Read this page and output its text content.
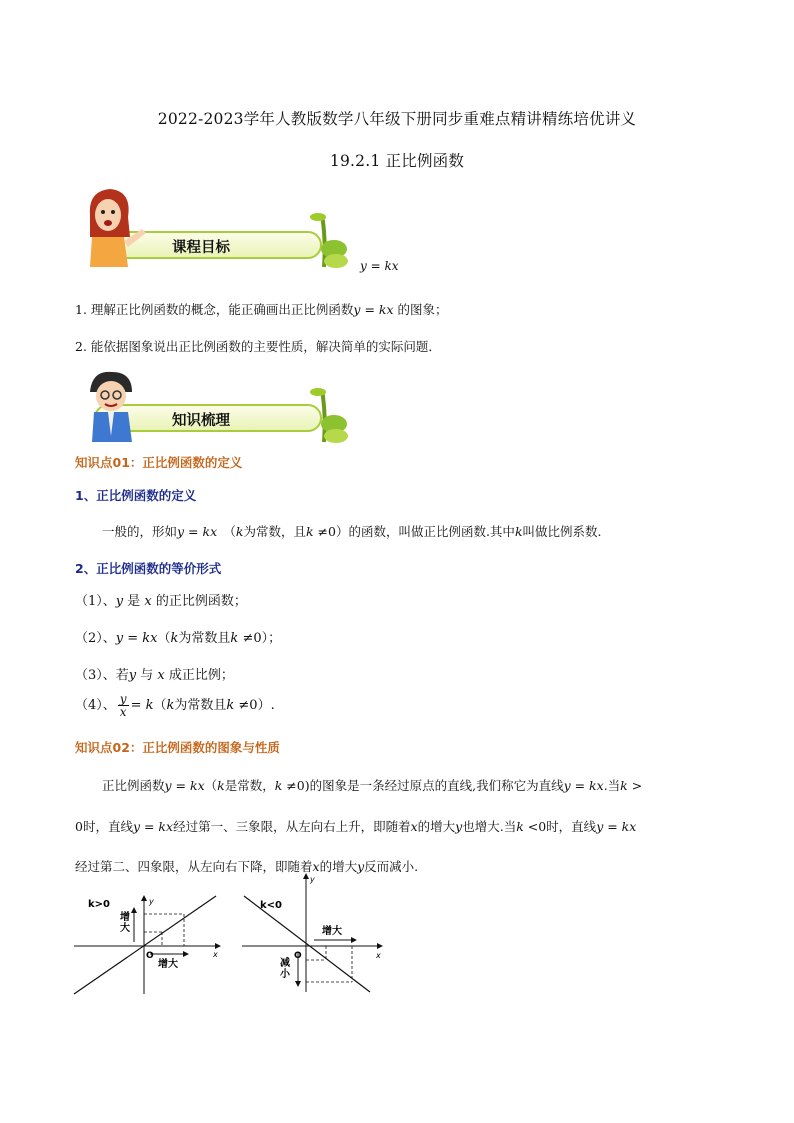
2022-2023学年人教版数学八年级下册同步重难点精讲精练培优讲义
19.2.1 正比例函数
课程目标
y = kx
1. 理解正比例函数的概念，能正确画出正比例函数y = kx 的图象；
2. 能依据图象说出正比例函数的主要性质，解决简单的实际问题．
知识梳理
知识点01：正比例函数的定义
1、正比例函数的定义
一般的，形如y = kx　（k为常数，且k ≠0）的函数，叫做正比例函数.其中k叫做比例系数.
2、正比例函数的等价形式
（1）、y 是 x 的正比例函数；
（2）、y = kx（k为常数且k ≠0）；
（3）、若y 与 x 成正比例；
（4）、 $\frac{y}{x} = k(k$为常数且k ≠0）.
知识点02：正比例函数的图象与性质
正比例函数y = kx（k是常数，k ≠0)的图象是一条经过原点的直线,我们称它为直线y = kx.当k >
0时，直线y = kx经过第一、三象限，从左向右上升，即随着x的增大y也增大.当k <0时，直线y = kx
经过第二、四象限，从左向右下降，即随着x的增大y反而减小.
k>0	y
x
O
增大
增大
k<0
y
x
O
增大
减小
